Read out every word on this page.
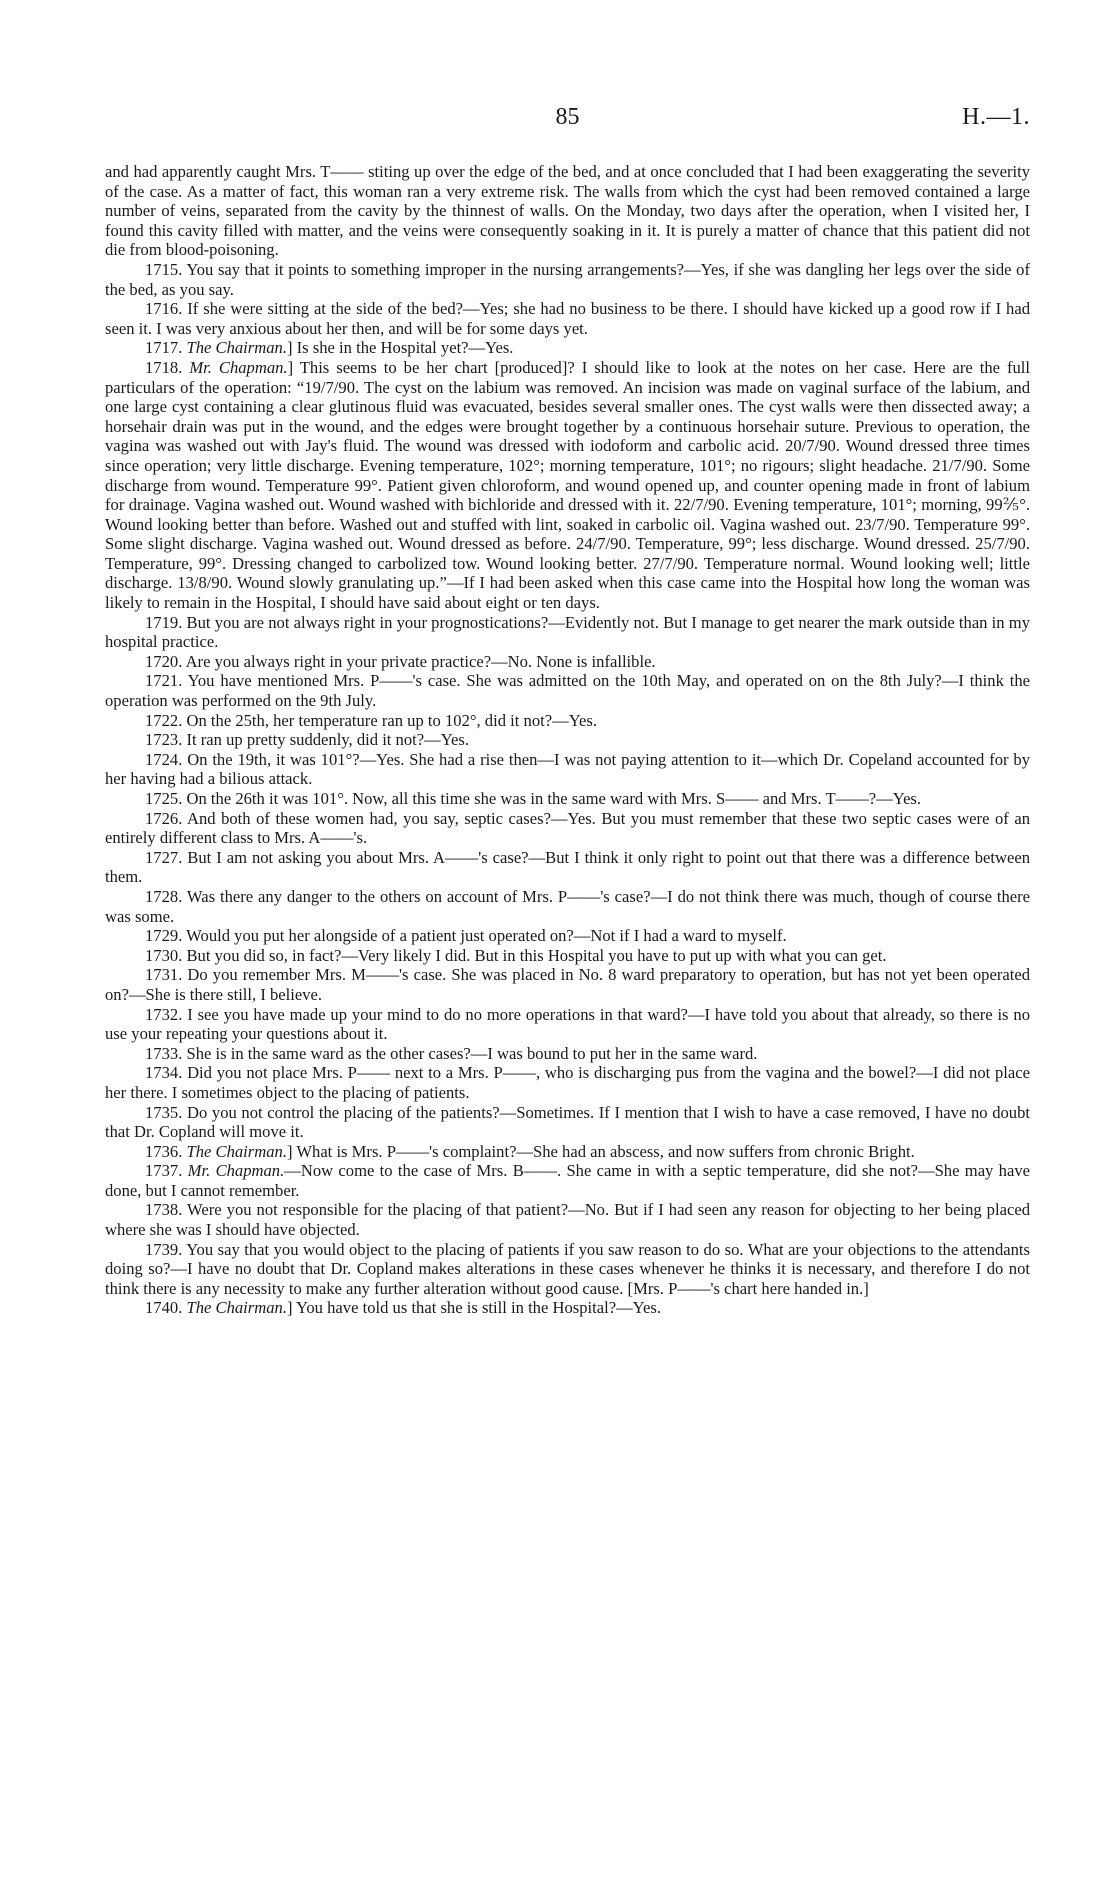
85	H.—1.

and had apparently caught Mrs. T—— stiting up over the edge of the bed, and at once concluded that I had been exaggerating the severity of the case. As a matter of fact, this woman ran a very extreme risk. The walls from which the cyst had been removed contained a large number of veins, separated from the cavity by the thinnest of walls. On the Monday, two days after the operation, when I visited her, I found this cavity filled with matter, and the veins were consequently soaking in it. It is purely a matter of chance that this patient did not die from blood-poisoning.

1715. You say that it points to something improper in the nursing arrangements?—Yes, if she was dangling her legs over the side of the bed, as you say.

1716. If she were sitting at the side of the bed?—Yes; she had no business to be there. I should have kicked up a good row if I had seen it. I was very anxious about her then, and will be for some days yet.

1717. The Chairman.] Is she in the Hospital yet?—Yes.

1718. Mr. Chapman.] This seems to be her chart [produced]? I should like to look at the notes on her case. Here are the full particulars of the operation: “19/7/90. The cyst on the labium was removed. An incision was made on vaginal surface of the labium, and one large cyst containing a clear glutinous fluid was evacuated, besides several smaller ones. The cyst walls were then dissected away; a horsehair drain was put in the wound, and the edges were brought together by a continuous horsehair suture. Previous to operation, the vagina was washed out with Jay's fluid. The wound was dressed with iodoform and carbolic acid. 20/7/90. Wound dressed three times since operation; very little discharge. Evening temperature, 102°; morning temperature, 101°; no rigours; slight headache. 21/7/90. Some discharge from wound. Temperature 99°. Patient given chloroform, and wound opened up, and counter opening made in front of labium for drainage. Vagina washed out. Wound washed with bichloride and dressed with it. 22/7/90. Evening temperature, 101°; morning, 99⅖°. Wound looking better than before. Washed out and stuffed with lint, soaked in carbolic oil. Vagina washed out. 23/7/90. Temperature 99°. Some slight discharge. Vagina washed out. Wound dressed as before. 24/7/90. Temperature, 99°; less discharge. Wound dressed. 25/7/90. Temperature, 99°. Dressing changed to carbolized tow. Wound looking better. 27/7/90. Temperature normal. Wound looking well; little discharge. 13/8/90. Wound slowly granulating up.”—If I had been asked when this case came into the Hospital how long the woman was likely to remain in the Hospital, I should have said about eight or ten days.

1719. But you are not always right in your prognostications?—Evidently not. But I manage to get nearer the mark outside than in my hospital practice.

1720. Are you always right in your private practice?—No. None is infallible.

1721. You have mentioned Mrs. P——'s case. She was admitted on the 10th May, and operated on on the 8th July?—I think the operation was performed on the 9th July.

1722. On the 25th, her temperature ran up to 102°, did it not?—Yes.

1723. It ran up pretty suddenly, did it not?—Yes.

1724. On the 19th, it was 101°?—Yes. She had a rise then—I was not paying attention to it—which Dr. Copeland accounted for by her having had a bilious attack.

1725. On the 26th it was 101°. Now, all this time she was in the same ward with Mrs. S—— and Mrs. T——?—Yes.

1726. And both of these women had, you say, septic cases?—Yes. But you must remember that these two septic cases were of an entirely different class to Mrs. A——'s.

1727. But I am not asking you about Mrs. A——'s case?—But I think it only right to point out that there was a difference between them.

1728. Was there any danger to the others on account of Mrs. P——'s case?—I do not think there was much, though of course there was some.

1729. Would you put her alongside of a patient just operated on?—Not if I had a ward to myself.

1730. But you did so, in fact?—Very likely I did. But in this Hospital you have to put up with what you can get.

1731. Do you remember Mrs. M——'s case. She was placed in No. 8 ward preparatory to operation, but has not yet been operated on?—She is there still, I believe.

1732. I see you have made up your mind to do no more operations in that ward?—I have told you about that already, so there is no use your repeating your questions about it.

1733. She is in the same ward as the other cases?—I was bound to put her in the same ward.

1734. Did you not place Mrs. P—— next to a Mrs. P——, who is discharging pus from the vagina and the bowel?—I did not place her there. I sometimes object to the placing of patients.

1735. Do you not control the placing of the patients?—Sometimes. If I mention that I wish to have a case removed, I have no doubt that Dr. Copland will move it.

1736. The Chairman.] What is Mrs. P——'s complaint?—She had an abscess, and now suffers from chronic Bright.

1737. Mr. Chapman.—Now come to the case of Mrs. B——. She came in with a septic temperature, did she not?—She may have done, but I cannot remember.

1738. Were you not responsible for the placing of that patient?—No. But if I had seen any reason for objecting to her being placed where she was I should have objected.

1739. You say that you would object to the placing of patients if you saw reason to do so. What are your objections to the attendants doing so?—I have no doubt that Dr. Copland makes alterations in these cases whenever he thinks it is necessary, and therefore I do not think there is any necessity to make any further alteration without good cause. [Mrs. P——'s chart here handed in.]

1740. The Chairman.] You have told us that she is still in the Hospital?—Yes.
